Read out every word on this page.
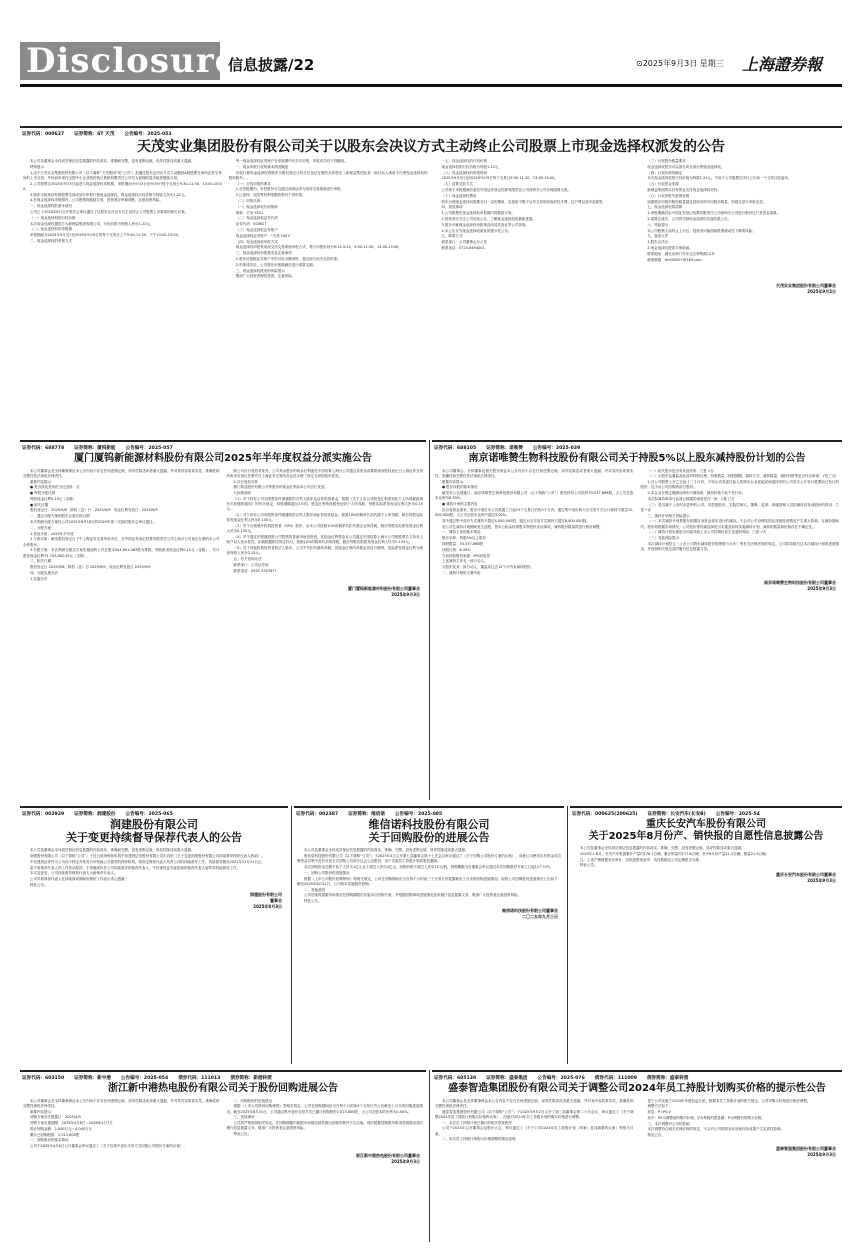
Disclosure
信息披露/22	⊙2025年9月3日 星期三 上海證券報
证券代码：000627 证券简称：ST 天茂 公告编号：2025-053
天茂实业集团股份有限公司关于以股东会决议方式主动终止公司股票上市现金选择权派发的公告

本公司及董事会全体成员保证信息披露的内容真实、准确和完整，没有虚假记载、误导性陈述或重大遗漏。

特别提示：

1.由于天茂实业集团股份有限公司（以下简称“天茂集团”或“公司”）拟通过股东会决议方式主动撤回A股股票在深圳证券交易所的上市交易，并转而申请在全国中小企业股份转让系统有限责任公司代为管理的退市板块继续交易。

2.公司股票自2025年9月3日起进入现金选择权申报期，申报期间为9月3日至9月9日每个交易日9:30-11:30、13:00-15:00。

3.股东可就其持有的股票全部或部分申报行使现金选择权，现金选择权行权价格为每股人民币1.22元。

4.在现金选择权申报期内，公司股票将继续交易，投资者应审慎判断，注意投资风险。

一、现金选择权的基本情况

公司已于2025年8月召开股东会审议通过了以股东会决议方式主动终止公司股票上市事项的相关议案。

（一）现金选择权的行权价格

本次现金选择权提供方为新理益集团有限公司，行权价格为每股人民币1.22元。

（二）现金选择权的申报期

申报期间为2025年9月3日至2025年9月9日的每个交易日上午9:30-11:30，下午13:00-15:00。

二、现金选择权的申报方式

每一现金选择权证券账户在申报期内可多次申报，申报成功后不得撤回。

一、现金申报行权的基本情况概述

有权行使现金选择权的股东为股权登记日收市后登记在册的全体股东（新理益集团及其一致行动人承诺不行使现金选择权的股份除外）。

（一）行权申报的要求

1.在申报期内，有权股东可以通过深圳证券交易所交易系统进行申报。

2.已质押、冻结等权利受限的股份不得申报。

（二）申报代码：

（一）现金选择权代码简称

简称：天茂 YS01

（二）现金选择权证券代码

证券代码：000627

（三）现金选择权证券账户

现金选择权证券账户：“天茂 YS01”

（四）现金选择权申报方式

现金选择权申报采用深交所交易系统申报方式，每日申报时间为9:15-9:25、9:30-11:30、13:00-15:00。

三、现金选择权申报要求及注意事项

1.股东应根据证券账户中的可用余额申报，超过部分视为无效申报。

2.申报成功后，公司将在申报期满后进行清算交割。

三、现金选择权派发的风险提示

敬请广大投资者理性投资，注意风险。

（七）现金选择权的行权价格

现金选择权的行权价格为每股1.22元。

（八）现金选择权的申报时间

2025年9月3日至2025年9月9日每个交易日9:30-11:30、13:00-15:00。

（九）清算交收方式

公司将于申报期满后委托中国证券登记结算有限责任公司深圳分公司办理清算交收。

（十）现金选择权费用

股东行使现金选择权需要支付一定的费用，包括但不限于证券交易所收取的经手费、过户费以及印花税等。

四、其他事项

1.公司股票在现金选择权申报期内将继续交易。

2.投资者应关注公司后续公告，了解现金选择权的最新进展。

3.股东可就现金选择权申报事宜向其托管证券公司咨询。

4.本公告仅为现金选择权派发的提示性公告。

五、联系方式

联系部门：公司董事会办公室

联系电话：0724-6494001

（三）行权股份数量要求

现金选择权股东可以部分或全部行使现金选择权。

（四）行权价格的确定

本次现金选择权的行权价格为每股1.22元，不低于公司股票在决议公告前一个交易日收盘价。

（五）行权资金来源

新理益集团将以自有资金支付现金选择权对价。

（六）行权申报失败的处理

如果股东申报的股份数量超过其持有的可用股份数量，则超过部分申报无效。

七、现金选择权的清算

1.申报期满后由中国证券登记结算有限责任公司深圳分公司进行股份过户及资金清算。

2.清算完成后，公司将刊登现金选择权实施结果公告。

八、风险提示

本公司股票主动终止上市后，投资者可能面临股票流动性下降的风险。

九、备查文件

1.股东会决议；

2.现金选择权提供方承诺函。

联系地址：湖北省荆门市东宝区钟鸣路12号

联系邮箱：tm000627@163.com

天茂实业集团股份有限公司董事会
2025年9月2日
证券代码：688778 证券简称：厦钨新能 公告编号：2025-057
厦门厦钨新能源材料股份有限公司2025年半年度权益分派实施公告

本公司董事会及全体董事保证本公告内容不存在任何虚假记载、误导性陈述或者重大遗漏，并对其内容的真实性、准确性和完整性依法承担法律责任。

重要内容提示：

● 是否涉及差异化分红送转：否

● 每股分配比例

每股现金红利0.15元（含税）

● 相关日期

股权登记日：2025/9/8　除权（息）日：2025/9/9　现金红利发放日：2025/9/9

一、通过分配方案的股东会届次和日期

本次利润分配方案经公司2025年8月18日的2025年第二次临时股东会审议通过。

二、分配方案

1.发放年度：2025年半年度

2.分派对象：截至股权登记日下午上海证券交易所收市后，在中国证券登记结算有限责任公司上海分公司登记在册的本公司全体股东。

3.分配方案：本次利润分配以方案实施前的公司总股本504,691,083股为基数，每股派发现金红利0.15元（含税），共计派发现金红利75,703,662.45元（含税）。

三、相关日期

股权登记日 2025/9/8，除权（息）日 2025/9/9，现金红利发放日 2025/9/9

四、分配实施办法

1.实施办法

除公司自行发放对象外，公司其余股东的现金红利委托中国结算上海分公司通过其资金清算系统向股权登记日上海证券交易所收市后登记在册并在上海证券交易所各会员办理了指定交易的股东派发。

2.自行发放对象

厦门钨业股份有限公司等股东的现金红利由本公司自行发放。

3.扣税说明

（1）对于持有公司无限售条件流通股的自然人股东及证券投资基金，根据《关于上市公司股息红利差别化个人所得税政策有关问题的通知》的有关规定，持股期限超过1年的，股息红利所得暂免征收个人所得税，每股实际派发现金红利人民币0.15元。

（2）对于持有公司有限售条件流通股的自然人股东和证券投资基金，按照10%的税率代扣代缴个人所得税，税后每股实际派发现金红利人民币0.135元。

（3）对于合格境外机构投资者（QFII）股东，由本公司按照10%的税率代扣代缴企业所得税，税后每股实际派发现金红利人民币0.135元。

（4）对于通过沪股通投资公司股票的香港市场投资者，其现金红利将由本公司通过中国结算上海分公司按股票名义持有人账户以人民币派发，扣税根据相关规定执行，按照10%的税率代扣所得税，税后每股实际派发现金红利人民币0.135元。

（5）对于其他机构投资者和法人股东，公司不代扣代缴所得税，其现金红利所得税由其自行缴纳，实际派发现金红利为税前每股人民币0.15元。

五、有关咨询办法

联系部门：公司证券部

联系电话：0592-3357677

厦门厦钨新能源材料股份有限公司董事会
2025年9月3日
证券代码：688105 证券简称：诺唯赞 公告编号：2025-039
南京诺唯赞生物科技股份有限公司关于持股5%以上股东减持股份计划的公告

本公司董事会、全体董事及相关股东保证本公告内容不存在任何虚假记载、误导性陈述或者重大遗漏，并对其内容的真实性、准确性和完整性依法承担法律责任。

重要内容提示：

● 股东持股的基本情况

截至本公告披露日，南京诺唯赞生物科技股份有限公司（以下简称“公司”）股东持有公司股份33,537,868股，占公司总股本比例为8.39%。

● 减持计划的主要内容

因自身资金需求，股东计划自本公告披露之日起15个交易日后的3个月内，通过集中竞价和大宗交易方式合计减持不超过12,000,000股，占公司总股本比例不超过3.00%。

其中通过集中竞价方式减持不超过4,000,000股，通过大宗交易方式减持不超过8,000,000股。

若公司在减持计划期间发生送股、资本公积金转增股本等股份变动事项，减持股份数量将进行相应调整。

一、减持主体的基本情况

股东名称：持股5%以上股东

持股数量：33,537,868股

持股比例：8.39%

当前持股股份来源：IPO前取得

上述减持主体无一致行动人。

大股东及其一致行动人、董监高过去12个月内未减持股份。

二、减持计划的主要内容

（一）相关股东是否有其他安排：□是 √否

（二）大股东及董监高此前对持股比例、持股数量、持股期限、减持方式、减持数量、减持价格等是否作出承诺：√是 □否

1.自公司股票上市之日起十二个月内，不转让或者委托他人管理本企业直接或间接持有的公司首次公开发行股票前已发行的股份，也不由公司回购该部分股份。

2.本企业在锁定期满后两年内减持的，减持价格不低于发行价。

本次拟减持事项与此前已披露的承诺是否一致：√是 □否

（三）是否属于上市时未盈利的公司，其控股股东、实际控制人、董事、监事、高级管理人员拟减持首发前股份的情况：□是 √否

三、减持计划相关风险提示

（一）本次减持计划系股东根据自身资金需求进行的减持，不会对公司治理结构及持续经营情况产生重大影响。在减持期间内，股东将根据市场情况、公司股价等因素选择是否实施及如何实施减持计划，减持的数量和价格存在不确定性。

（二）减持计划实施是否可能导致上市公司控制权发生变更的风险：□是 √否

（三）其他风险提示

本次减持计划符合《上市公司股东减持股份管理暂行办法》等有关法律法规的规定。公司将持续关注本次减持计划的进展情况，并按照相关规定及时履行信息披露义务。

南京诺唯赞生物科技股份有限公司董事会
2025年9月3日
证券代码：002929 证券简称：润建股份 公告编号：2025-065
润建股份有限公司
关于变更持续督导保荐代表人的公告

本公司及董事会全体成员保证信息披露的内容真实、准确和完整，没有虚假记载、误导性陈述或重大遗漏。

润建股份有限公司（以下简称“公司”）于近日收到保荐机构中信建投证券股份有限公司出具的《关于变更润建股份有限公司持续督导保荐代表人的函》。

中信建投证券作为公司向不特定对象发行可转换公司债券的保荐机构，原指定保荐代表人负责公司的持续督导工作，持续督导期至2021年12月31日止。

鉴于原保荐代表人因工作变动原因，不再继续担任公司持续督导的保荐代表人，中信建投证券委派新的保荐代表人接替其持续督导工作。

本次变更后，公司持续督导保荐代表人为新保荐代表人。

公司对原保荐代表人在持续督导期间所做的工作表示衷心感谢！

特此公告。

润建股份有限公司
董事会
2025年9月3日
证券代码：002387 证券简称：维信诺 公告编号：2025-085
维信诺科技股份有限公司
关于回购股份的进展公告

本公司及董事会全体成员保证信息披露的内容真实、准确、完整，没有虚假记载、误导性陈述或重大遗漏。

维信诺科技股份有限公司（以下简称“公司”）于2025年4月召开第七届董事会第十七次会议审议通过了《关于回购公司股份方案的议案》，同意公司使用自有资金或自筹资金以集中竞价交易方式回购公司部分社会公众股份，用于实施员工持股计划或股权激励。

本次回购资金总额不低于人民币1亿元且不超过人民币2亿元，回购价格不超过人民币12元/股，回购期限为自董事会审议通过本次回购股份方案之日起12个月内。

一、回购公司股份的进展情况

根据《上市公司股份回购规则》等相关规定，公司在回购期间应当在每个月的前三个交易日内披露截至上月末的回购进展情况。现将公司回购股份进展情况公告如下：截至2025年8月31日，公司尚未实施股份回购。

二、其他说明

公司后续将根据市场情况在回购期限内实施本次回购方案，并根据回购事项进展情况及时履行信息披露义务，敬请广大投资者注意投资风险。

特此公告。

维信诺科技股份有限公司董事会
二〇二五年九月三日
证券代码：000625(200625) 证券简称：长安汽车(长安B) 公告编号：2025-54
重庆长安汽车股份有限公司
关于2025年8月份产、销快报的自愿性信息披露公告

本公司及董事会全体成员保证信息披露的内容真实、准确、完整，没有虚假记载、误导性陈述或重大遗漏。

2025年1-8月，长安汽车集团累计产量约178.7万辆，累计销量约177.8万辆，其中8月份产量21.2万辆，销量21.9万辆。

注：上述产销数据未经审计，仅供投资者参考，具体数据以公司定期报告为准。

特此公告。

重庆长安汽车股份有限公司董事会
2025年9月3日
证券代码：603150 证券简称：新中港 公告编号：2025-054 债券代码：111013 债券简称：新港转债
浙江新中港热电股份有限公司关于股份回购进展公告

本公司董事会及全体董事保证本公告内容不存在任何虚假记载、误导性陈述或者重大遗漏，并对其内容的真实性、准确性和完整性承担法律责任。

重要内容提示：

回购方案首次披露日：2025/4/9

回购方案实施期限：2025年4月8日～2026年4月7日

预计回购金额：2,000万元～4,000万元

累计已回购股数：2,013,800股

一、回购股份的基本情况

公司于2025年4月8日召开董事会审议通过了《关于以集中竞价交易方式回购公司股份方案的议案》。

二、回购股份的进展情况

根据《上市公司股份回购规则》等相关规定，公司在回购期间应当在每个月的前3个交易日内公告截至上月末的回购进展情况。截至2025年8月31日，公司通过集中竞价交易方式已累计回购股份2,013,800股，占公司总股本的比例为0.50%。

三、其他事项

公司将严格按照相关规定，在回购期限内根据市场情况择机做出回购决策并予以实施，同时根据回购股份事项进展情况及时履行信息披露义务，敬请广大投资者注意投资风险。

特此公告。

浙江新中港热电股份有限公司董事会
2025年9月3日
证券代码：605138 证券简称：盛泰集团 公告编号：2025-076 债券代码：111009 债券简称：盛泰转债
盛泰智造集团股份有限公司关于调整公司2024年员工持股计划购买价格的提示性公告

本公司董事会及全体董事保证本公告内容不存在任何虚假记载、误导性陈述或者重大遗漏，并对其内容的真实性、准确性和完整性承担法律责任。

盛泰智造集团股份有限公司（以下简称“公司”）于2025年9月2日召开了第三届董事会第二十次会议，审议通过了《关于调整2024年员工持股计划购买价格的议案》，同意对2024年员工持股计划的购买价格进行调整。

一、本次员工持股计划已履行的相关审批程序

公司于2024年召开董事会及股东大会，审议通过了《关于公司2024年员工持股计划（草案）及其摘要的议案》等相关议案。

二、本次员工持股计划购买价格调整的情况说明

鉴于公司实施了2024年年度权益分派，根据本员工持股计划的相关规定，公司对购买价格进行相应调整。

调整方法如下：

派息：P=P0-V

其中：P0为调整前的购买价格；V为每股的派息额；P为调整后的购买价格。

三、本次调整对公司的影响

本次调整符合相关法律法规的规定，不会对公司的财务状况和经营成果产生实质性影响。

特此公告。

盛泰智造集团股份有限公司董事会
2025年9月3日
